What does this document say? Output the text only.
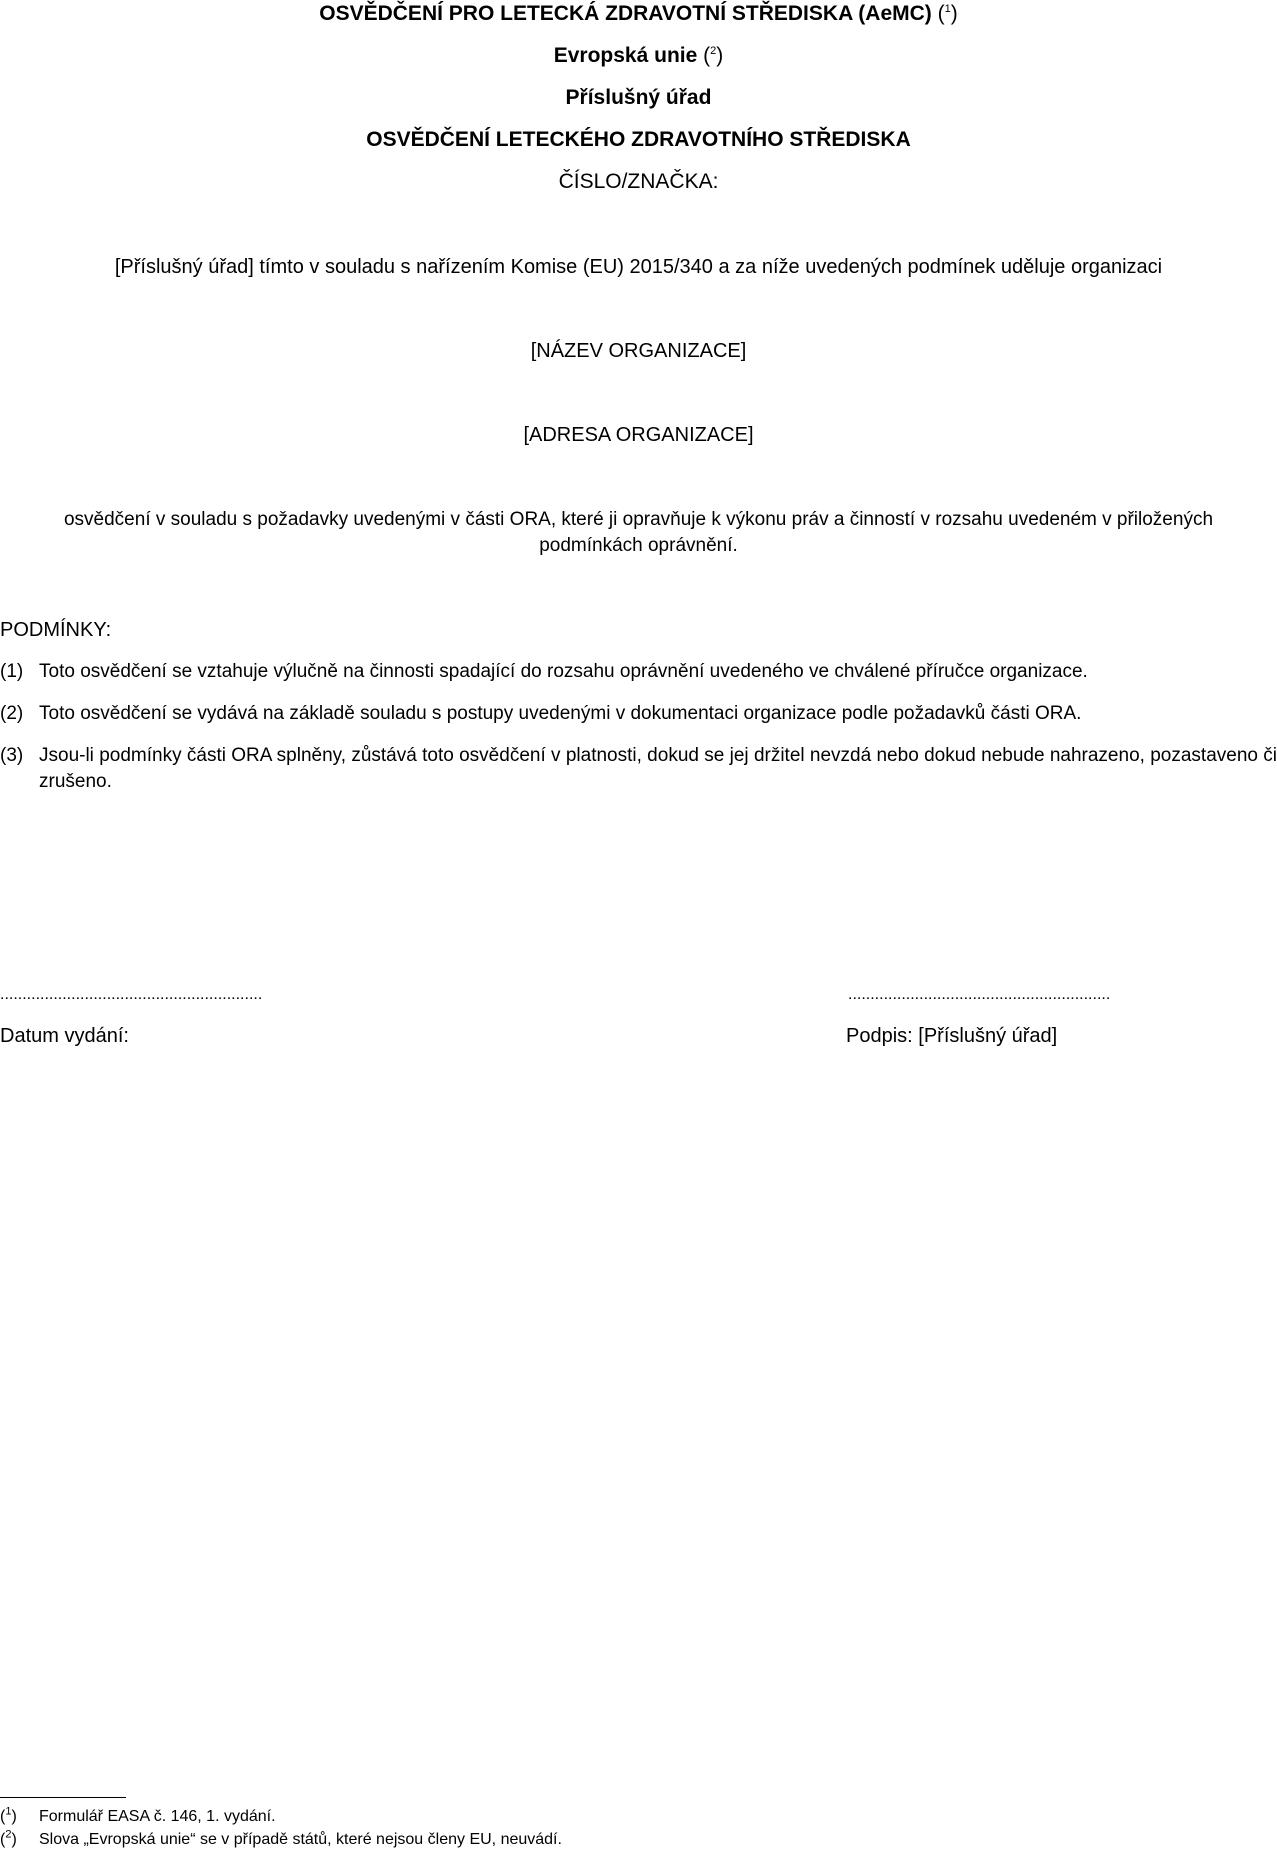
OSVĚDČENÍ PRO LETECKÁ ZDRAVOTNÍ STŘEDISKA (AeMC) ($^1$)
Evropská unie ($^2$)
Příslušný úřad
OSVĚDČENÍ LETECKÉHO ZDRAVOTNÍHO STŘEDISKA
ČÍSLO/ZNAČKA:
[Příslušný úřad] tímto v souladu s nařízením Komise (EU) 2015/340 a za níže uvedených podmínek uděluje organizaci
[NÁZEV ORGANIZACE]
[ADRESA ORGANIZACE]
osvědčení v souladu s požadavky uvedenými v části ORA, které ji opravňuje k výkonu práv a činností v rozsahu uvedeném v přiložených podmínkách oprávnění.
PODMÍNKY:
(1) Toto osvědčení se vztahuje výlučně na činnosti spadající do rozsahu oprávnění uvedeného ve chválené příručce organizace.
(2) Toto osvědčení se vydává na základě souladu s postupy uvedenými v dokumentaci organizace podle požadavků části ORA.
(3) Jsou-li podmínky části ORA splněny, zůstává toto osvědčení v platnosti, dokud se jej držitel nevzdá nebo dokud nebude nahrazeno, pozastaveno či zrušeno.
...........................................................
Datum vydání:
...........................................................
Podpis: [Příslušný úřad]
($^1$) Formulář EASA č. 146, 1. vydání.
($^2$) Slova „Evropská unie“ se v případě států, které nejsou členy EU, neuvádí.
